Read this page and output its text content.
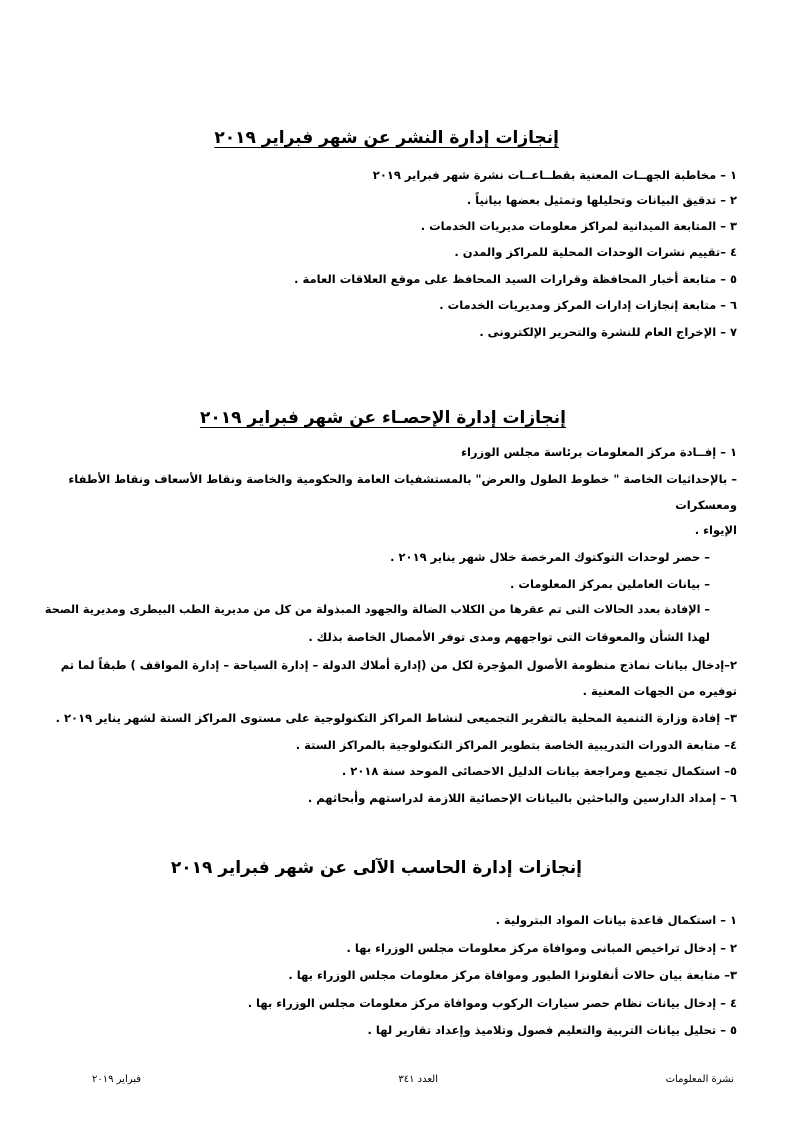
إنجازات إدارة النشر عن شهر فبراير ٢٠١٩
١ – مخاطبة الجهــات المعنية بقطــاعــات نشرة شهر فبراير ٢٠١٩
٢ – تدقيق البيانات وتحليلها وتمثيل بعضها بيانياً .
٣ – المتابعة الميدانية لمراكز معلومات مديريات الخدمات .
٤ –تقييم نشرات الوحدات المحلية للمراكز والمدن .
٥ – متابعة أخبار المحافظة وقرارات السيد المحافظ على موقع العلاقات العامة .
٦ – متابعة إنجازات إدارات المركز ومديريات الخدمات .
٧ – الإخراج العام للنشرة والتحرير الإلكترونى .
إنجازات إدارة الإحصـاء عن شهر فبراير ٢٠١٩
١ – إفــادة مركز المعلومات برئاسة مجلس الوزراء
– بالإحداثيات الخاصة " خطوط الطول والعرض" بالمستشفيات العامة والحكومية والخاصة ونقاط الأسعاف ونقاط الأطفاء
ومعسكرات
الإيواء .
– حصر لوحدات التوكتوك المرخصة خلال شهر يناير ٢٠١٩ .
– بيانات العاملين بمركز المعلومات .
– الإفادة بعدد الحالات التى تم عقرها من الكلاب الضالة والجهود المبذولة من كل من مديرية الطب البيطرى ومديرية الصحة
لهذا الشأن والمعوقات التى تواجههم ومدى توفر الأمصال الخاصة بذلك .
٢–إدخال بيانات نماذج منظومة الأصول المؤجرة لكل من (إدارة أملاك الدولة – إدارة السياحة – إدارة المواقف ) طبقاً لما تم
توفيره من الجهات المعنية .
٣– إفادة وزارة التنمية المحلية بالتقرير التجميعى لنشاط المراكز التكنولوجية على مستوى المراكز الستة لشهر يناير ٢٠١٩ .
٤– متابعة الدورات التدريبية الخاصة بتطوير المراكز التكنولوجية بالمراكز الستة .
٥– استكمال تجميع ومراجعة بيانات الدليل الاحصائى الموحد سنة ٢٠١٨ .
٦ – إمداد الدارسين والباحثين بالبيانات الإحصائية اللازمة لدراستهم وأبحاثهم .
إنجازات إدارة الحاسب الآلى عن شهر فبراير ٢٠١٩
١ – استكمال قاعدة بيانات المواد البترولية .
٢ – إدخال تراخيص المبانى وموافاة مركز معلومات مجلس الوزراء بها .
٣– متابعة بيان حالات أنفلونزا الطيور وموافاة مركز معلومات مجلس الوزراء بها .
٤ – إدخال بيانات نظام حصر سيارات الركوب وموافاة مركز معلومات مجلس الوزراء بها .
٥ – تحليل بيانات التربية والتعليم فصول وتلاميذ وإعداد تقارير لها .
نشرة المعلومات
العدد ٣٤١
فبراير ٢٠١٩
